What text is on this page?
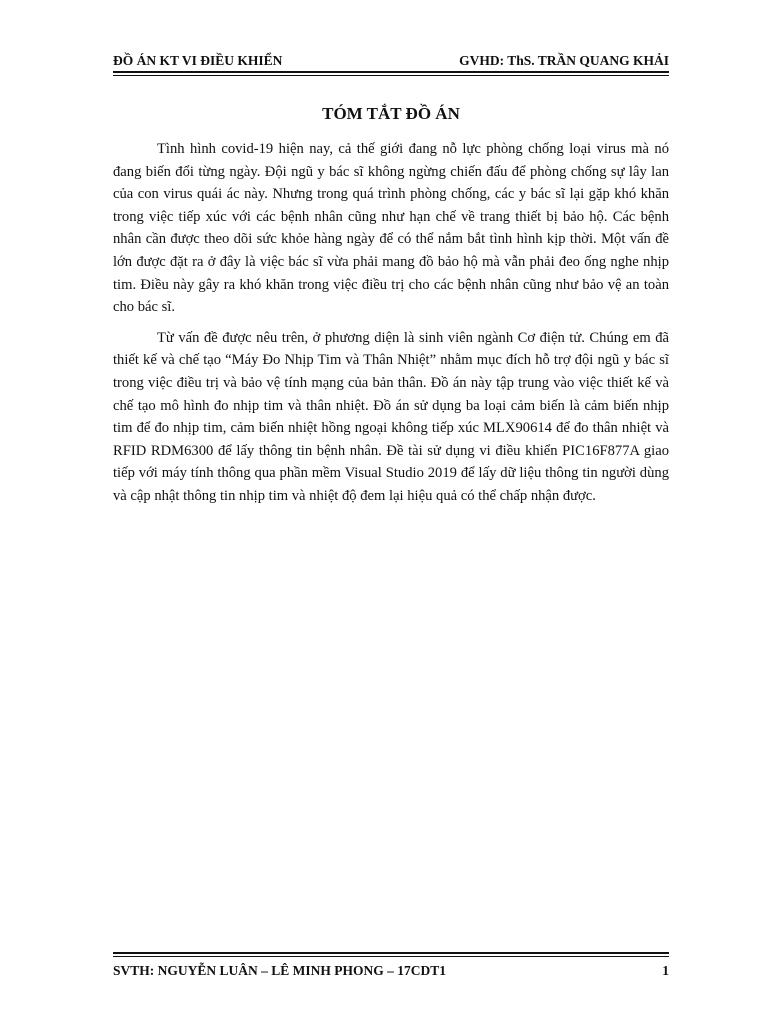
ĐỒ ÁN KT VI ĐIỀU KHIỂN	GVHD: ThS. TRẦN QUANG KHẢI
TÓM TẮT ĐỒ ÁN

Tình hình covid-19 hiện nay, cả thế giới đang nỗ lực phòng chống loại virus mà nó đang biến đổi từng ngày. Đội ngũ y bác sĩ không ngừng chiến đấu để phòng chống sự lây lan của con virus quái ác này. Nhưng trong quá trình phòng chống, các y bác sĩ lại gặp khó khăn trong việc tiếp xúc với các bệnh nhân cũng như hạn chế về trang thiết bị bảo hộ. Các bệnh nhân cần được theo dõi sức khỏe hàng ngày để có thể nắm bắt tình hình kịp thời. Một vấn đề lớn được đặt ra ở đây là việc bác sĩ vừa phải mang đồ bảo hộ mà vẫn phải đeo ống nghe nhịp tim. Điều này gây ra khó khăn trong việc điều trị cho các bệnh nhân cũng như bảo vệ an toàn cho bác sĩ.

Từ vấn đề được nêu trên, ở phương diện là sinh viên ngành Cơ điện tử. Chúng em đã thiết kế và chế tạo “Máy Đo Nhịp Tim và Thân Nhiệt” nhằm mục đích hỗ trợ đội ngũ y bác sĩ trong việc điều trị và bảo vệ tính mạng của bản thân. Đồ án này tập trung vào việc thiết kế và chế tạo mô hình đo nhịp tim và thân nhiệt. Đồ án sử dụng ba loại cảm biến là cảm biến nhịp tim để đo nhịp tim, cảm biến nhiệt hồng ngoại không tiếp xúc MLX90614 để đo thân nhiệt và RFID RDM6300 để lấy thông tin bệnh nhân. Đề tài sử dụng vi điều khiển PIC16F877A giao tiếp với máy tính thông qua phần mềm Visual Studio 2019 để lấy dữ liệu thông tin người dùng và cập nhật thông tin nhịp tim và nhiệt độ đem lại hiệu quả có thể chấp nhận được.

SVTH: NGUYỄN LUÂN – LÊ MINH PHONG – 17CDT1	1
